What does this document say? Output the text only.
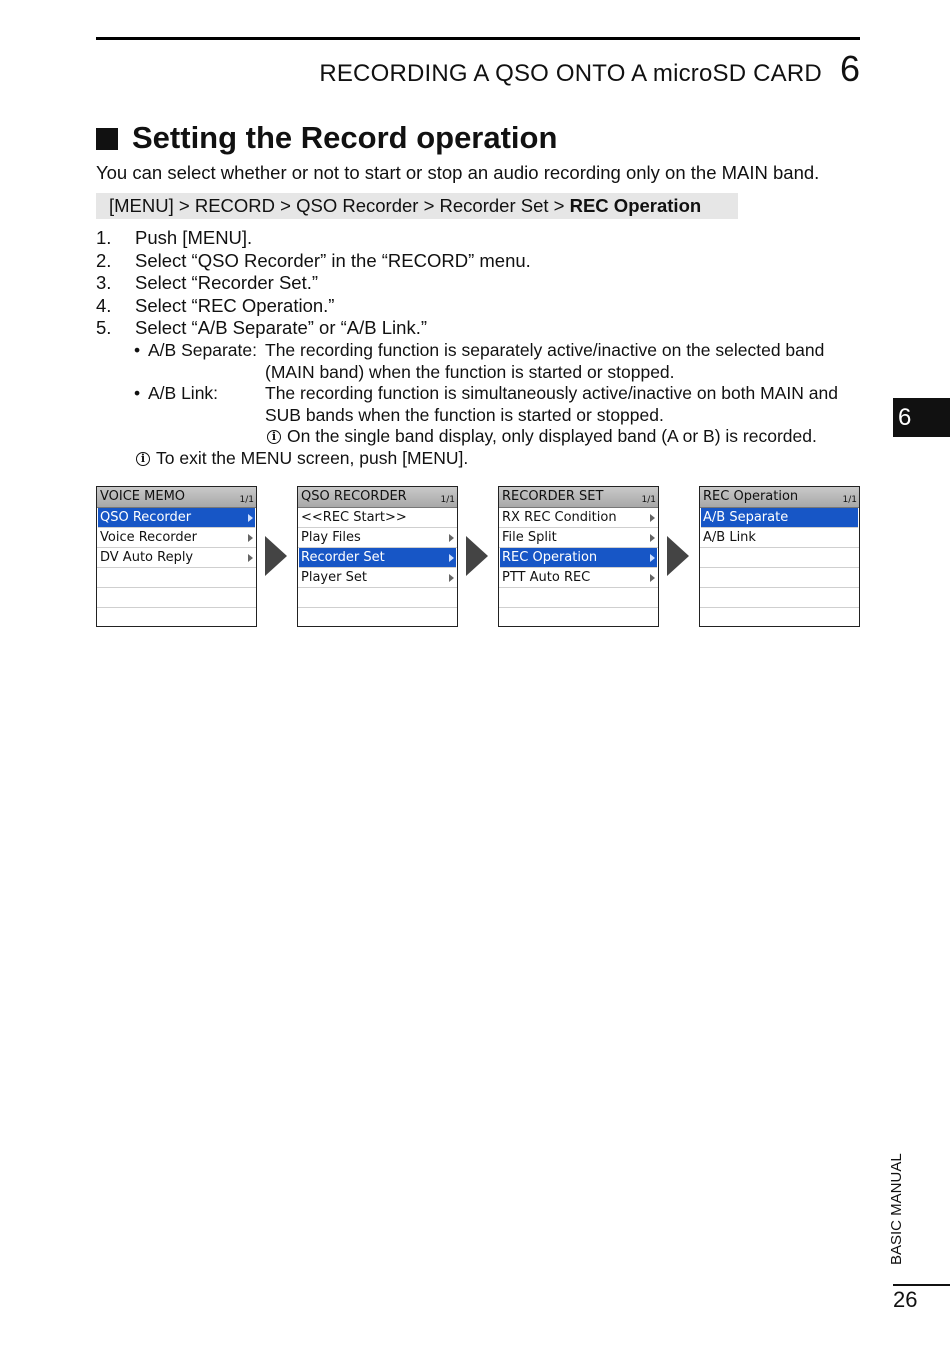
RECORDING A QSO ONTO A microSD CARD 6
Setting the Record operation
You can select whether or not to start or stop an audio recording only on the MAIN band.
[MENU] > RECORD > QSO Recorder > Recorder Set > REC Operation
1.	Push [MENU].
2.	Select “QSO Recorder” in the “RECORD” menu.
3.	Select “Recorder Set.”
4.	Select “REC Operation.”
5.	Select “A/B Separate” or “A/B Link.”
• A/B Separate: The recording function is separately active/inactive on the selected band (MAIN band) when the function is started or stopped.
• A/B Link:	The recording function is simultaneously active/inactive on both MAIN and SUB bands when the function is started or stopped.
i On the single band display, only displayed band (A or B) is recorded.
i To exit the MENU screen, push [MENU].
6
VOICE MEMO	1/1
QSO Recorder
Voice Recorder
DV Auto Reply
QSO RECORDER	1/1
<<REC Start>>
Play Files
Recorder Set
Player Set
RECORDER SET	1/1
RX REC Condition
File Split
REC Operation
PTT Auto REC
REC Operation	1/1
A/B Separate
A/B Link
BASIC MANUAL
26
